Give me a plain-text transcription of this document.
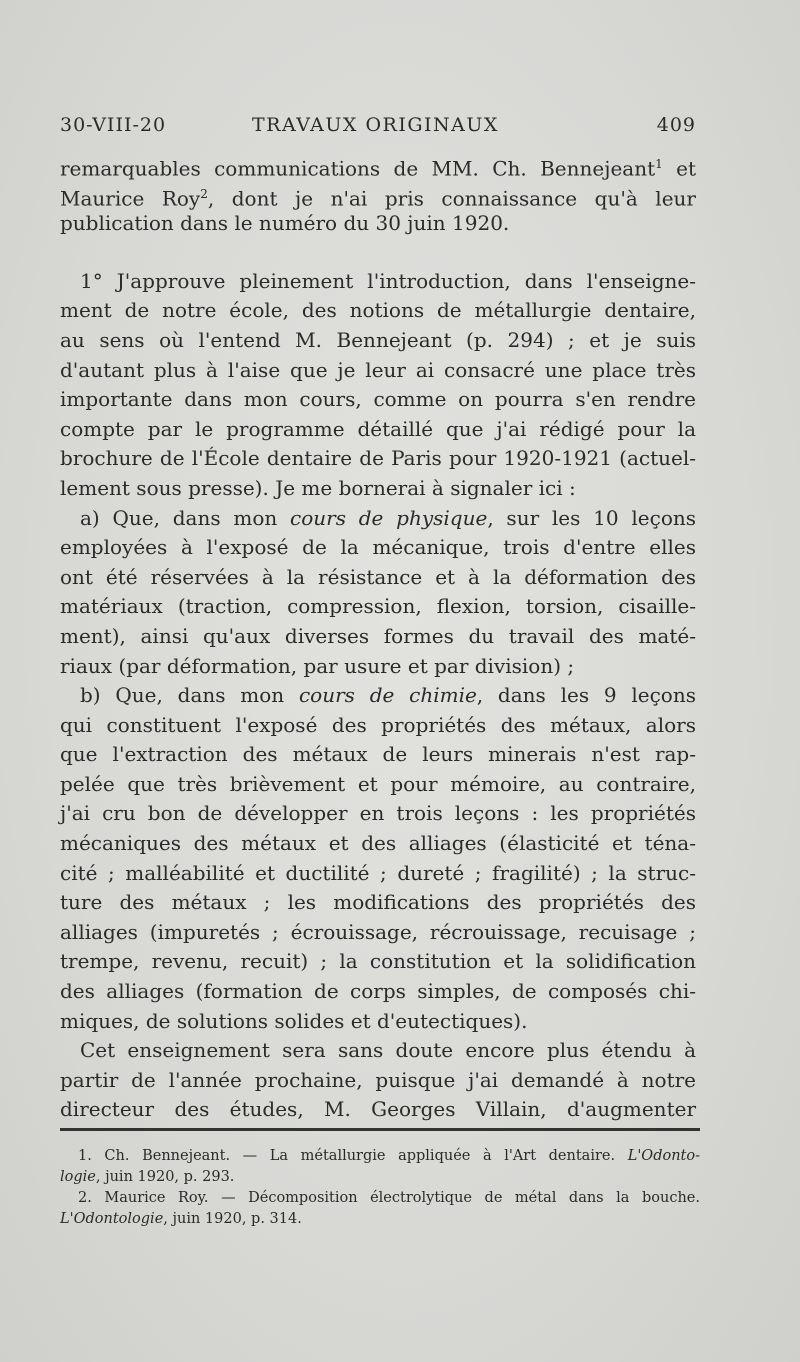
30-VIII-20	TRAVAUX ORIGINAUX	409
remarquables communications de MM. Ch. Bennejeant$^1$ et
Maurice Roy$^2$, dont je n'ai pris connaissance qu'à leur
publication dans le numéro du 30 juin 1920.
1° J'approuve pleinement l'introduction, dans l'enseigne-
ment de notre école, des notions de métallurgie dentaire,
au sens où l'entend M. Bennejeant (p. 294) ; et je suis
d'autant plus à l'aise que je leur ai consacré une place très
importante dans mon cours, comme on pourra s'en rendre
compte par le programme détaillé que j'ai rédigé pour la
brochure de l'École dentaire de Paris pour 1920-1921 (actuel-
lement sous presse). Je me bornerai à signaler ici :
a) Que, dans mon cours de physique, sur les 10 leçons
employées à l'exposé de la mécanique, trois d'entre elles
ont été réservées à la résistance et à la déformation des
matériaux (traction, compression, flexion, torsion, cisaille-
ment), ainsi qu'aux diverses formes du travail des maté-
riaux (par déformation, par usure et par division) ;
b) Que, dans mon cours de chimie, dans les 9 leçons
qui constituent l'exposé des propriétés des métaux, alors
que l'extraction des métaux de leurs minerais n'est rap-
pelée que très brièvement et pour mémoire, au contraire,
j'ai cru bon de développer en trois leçons : les propriétés
mécaniques des métaux et des alliages (élasticité et téna-
cité ; malléabilité et ductilité ; dureté ; fragilité) ; la struc-
ture des métaux ; les modifications des propriétés des
alliages (impuretés ; écrouissage, récrouissage, recuisage ;
trempe, revenu, recuit) ; la constitution et la solidification
des alliages (formation de corps simples, de composés chi-
miques, de solutions solides et d'eutectiques).
Cet enseignement sera sans doute encore plus étendu à
partir de l'année prochaine, puisque j'ai demandé à notre
directeur des études, M. Georges Villain, d'augmenter
1. Ch. Bennejeant. — La métallurgie appliquée à l'Art dentaire. L'Odonto-
logie, juin 1920, p. 293.
2. Maurice Roy. — Décomposition électrolytique de métal dans la bouche.
L'Odontologie, juin 1920, p. 314.
